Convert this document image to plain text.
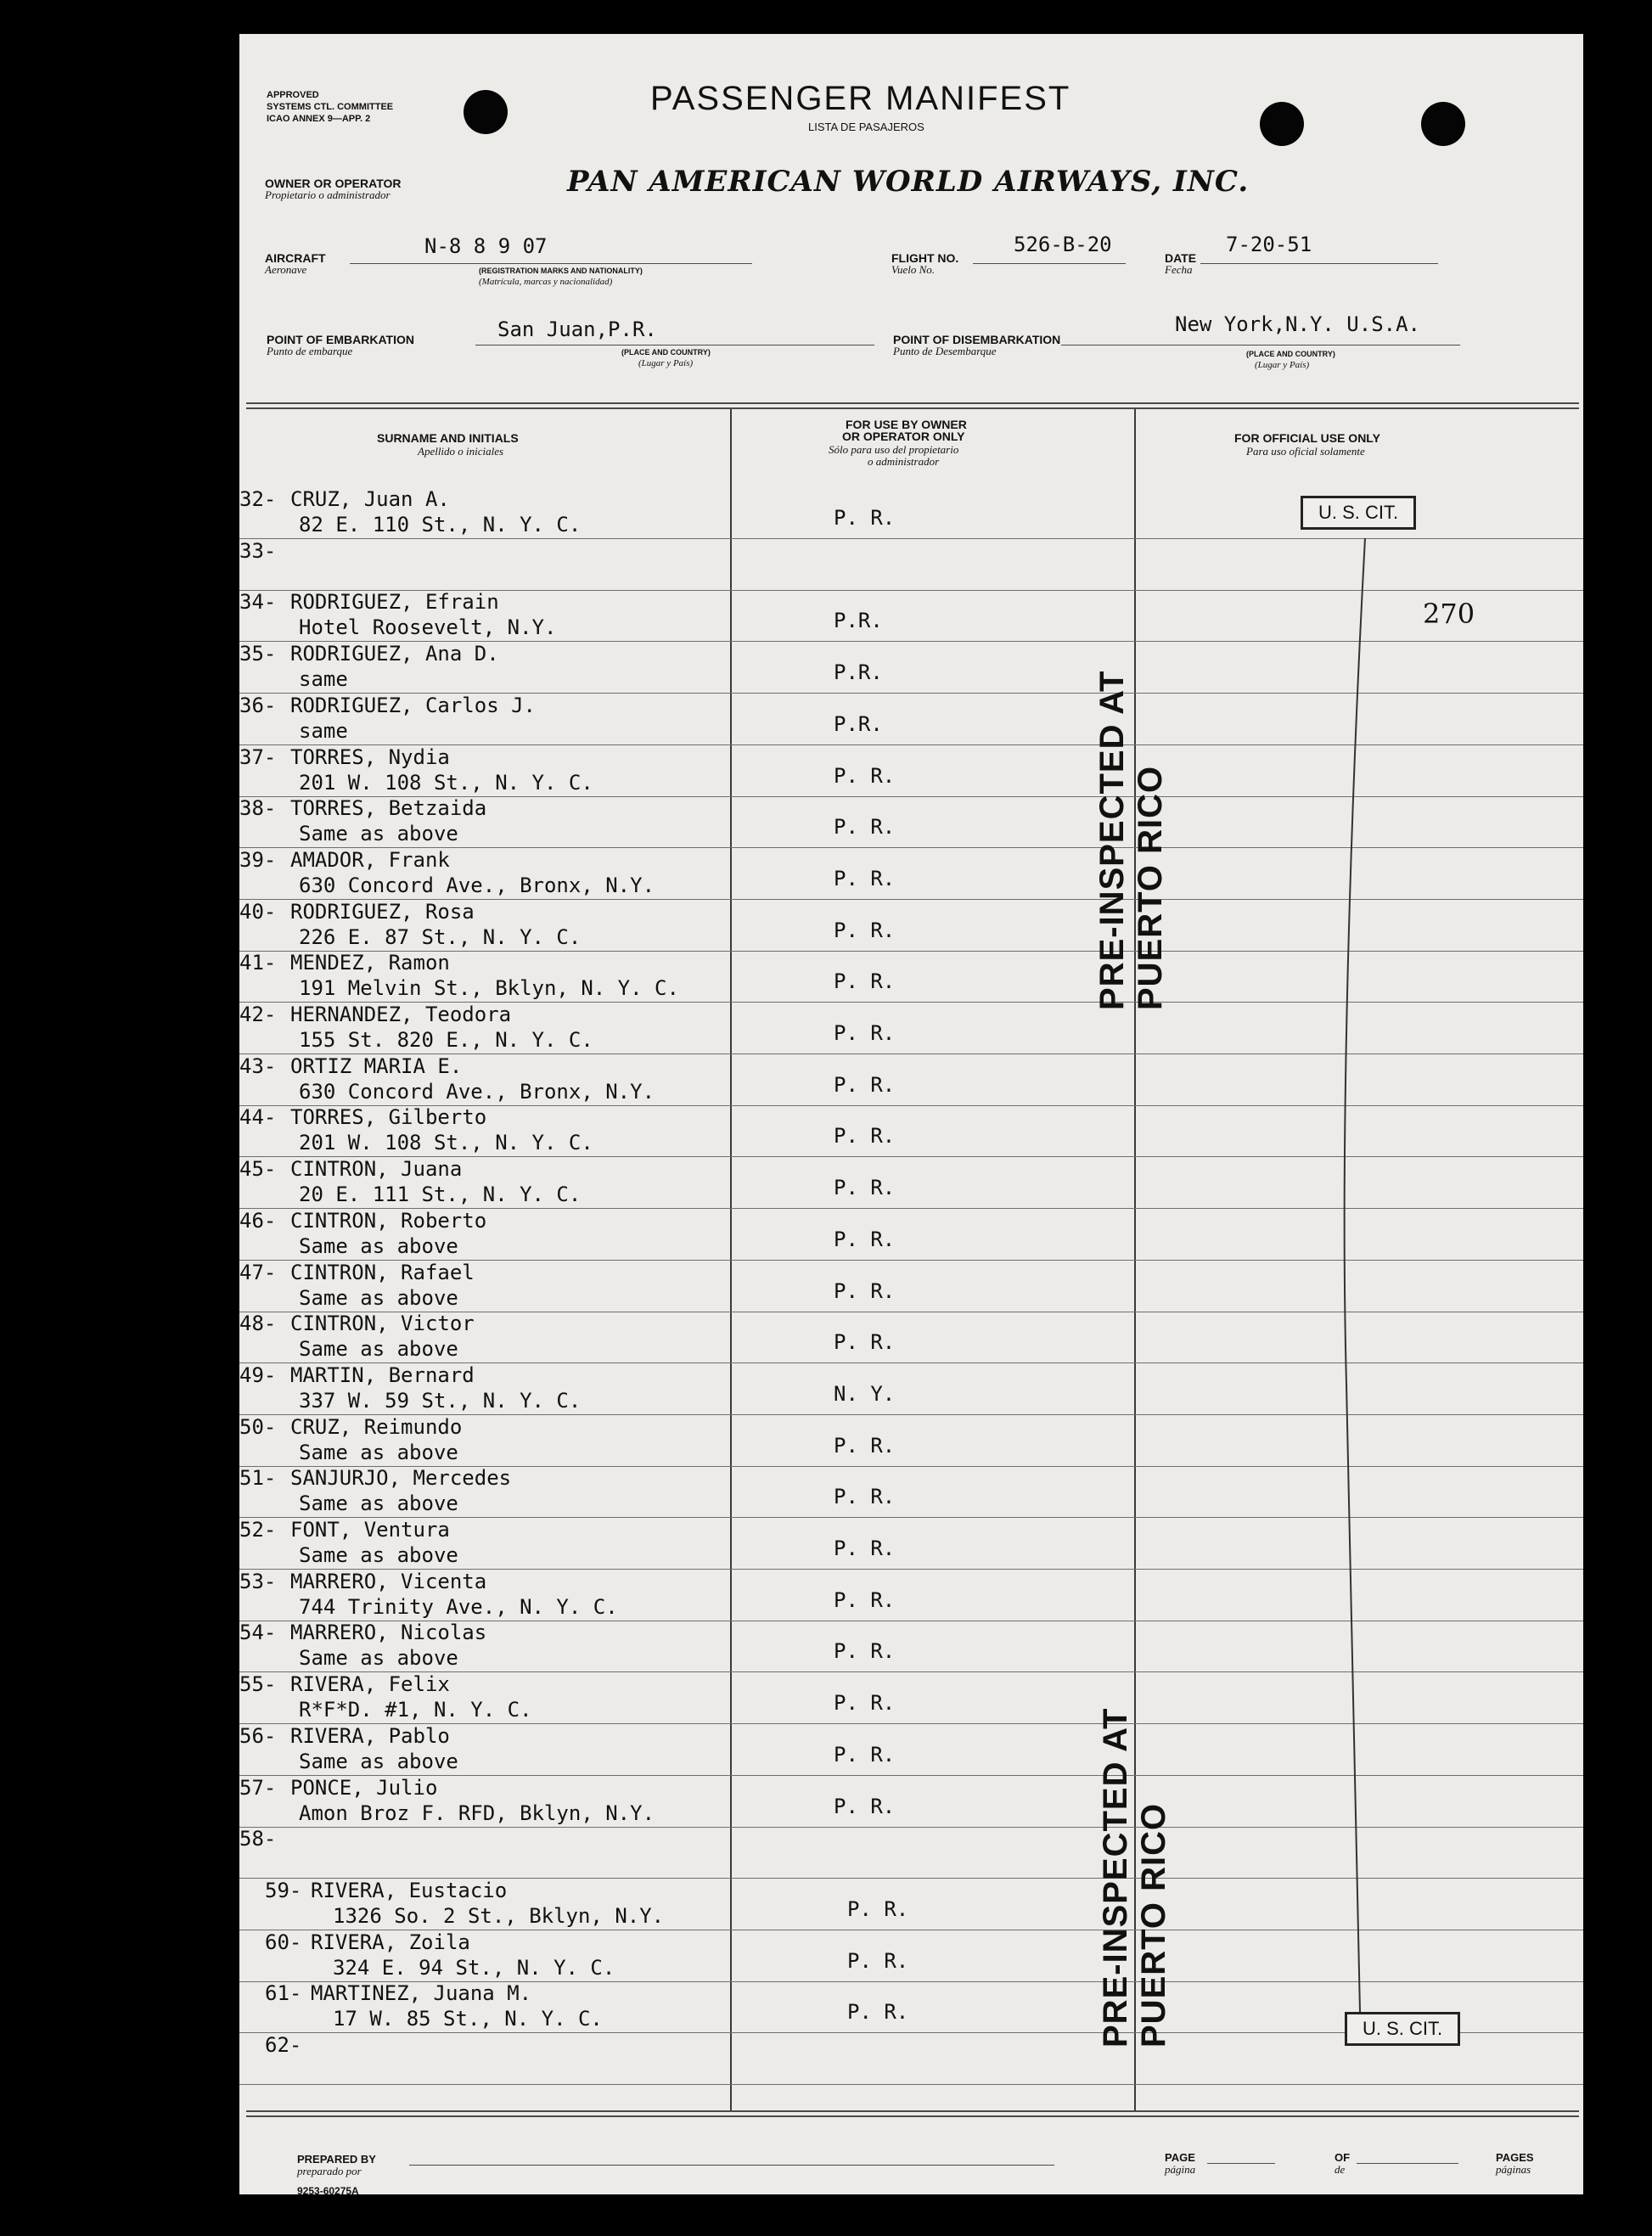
APPROVED
SYSTEMS CTL. COMMITTEE
ICAO ANNEX 9—APP. 2
PASSENGER MANIFEST
LISTA DE PASAJEROS
OWNER OR OPERATOR
Propietario o administrador	PAN AMERICAN WORLD AIRWAYS, INC.
AIRCRAFT
Aeronave
N-8 8 9 07
(REGISTRATION MARKS AND NATIONALITY)
(Matrícula, marcas y nacionalidad)
FLIGHT NO.
Vuelo No.
526-B-20
DATE
Fecha
7-20-51
POINT OF EMBARKATION
Punto de embarque
San Juan,P.R.
(PLACE AND COUNTRY)
(Lugar y País)
POINT OF DISEMBARKATION
Punto de Desembarque
New York,N.Y. U.S.A.
(PLACE AND COUNTRY)
(Lugar y País)
SURNAME AND INITIALS
Apellido o iniciales
FOR USE BY OWNER
OR OPERATOR ONLY
Sólo para uso del propietario
o administrador
FOR OFFICIAL USE ONLY
Para uso oficial solamente
32- CRUZ, Juan A.
82 E. 110 St., N. Y. C.	P. R.
33-
34- RODRIGUEZ, Efrain
Hotel Roosevelt, N.Y.	P.R.
35- RODRIGUEZ, Ana D.
same	P.R.
36- RODRIGUEZ, Carlos J.
same	P.R.
37- TORRES, Nydia
201 W. 108 St., N. Y. C.	P. R.
38- TORRES, Betzaida
Same as above	P. R.
39- AMADOR, Frank
630 Concord Ave., Bronx, N.Y.	P. R.
40- RODRIGUEZ, Rosa
226 E. 87 St., N. Y. C.	P. R.
41- MENDEZ, Ramon
191 Melvin St., Bklyn, N. Y. C.	P. R.
42- HERNANDEZ, Teodora
155 St. 820 E., N. Y. C.	P. R.
43- ORTIZ MARIA E.
630 Concord Ave., Bronx, N.Y.	P. R.
44- TORRES, Gilberto
201 W. 108 St., N. Y. C.	P. R.
45- CINTRON, Juana
20 E. 111 St., N. Y. C.	P. R.
46- CINTRON, Roberto
Same as above	P. R.
47- CINTRON, Rafael
Same as above	P. R.
48- CINTRON, Victor
Same as above	P. R.
49- MARTIN, Bernard
337 W. 59 St., N. Y. C.	N. Y.
50- CRUZ, Reimundo
Same as above	P. R.
51- SANJURJO, Mercedes
Same as above	P. R.
52- FONT, Ventura
Same as above	P. R.
53- MARRERO, Vicenta
744 Trinity Ave., N. Y. C.	P. R.
54- MARRERO, Nicolas
Same as above	P. R.
55- RIVERA, Felix
R*F*D. #1, N. Y. C.	P. R.
56- RIVERA, Pablo
Same as above	P. R.
57- PONCE, Julio
Amon Broz F. RFD, Bklyn, N.Y.	P. R.
58-
59- RIVERA, Eustacio
1326 So. 2 St., Bklyn, N.Y.	P. R.
60- RIVERA, Zoila
324 E. 94 St., N. Y. C.	P. R.
61- MARTINEZ, Juana M.
17 W. 85 St., N. Y. C.	P. R.
62-
PRE-INSPECTED AT PUERTO RICO
PRE-INSPECTED AT PUERTO RICO
U. S. CIT.
270
U. S. CIT.
PREPARED BY
preparado por
PAGE
página
OF
de
PAGES
páginas
9253-60275A
